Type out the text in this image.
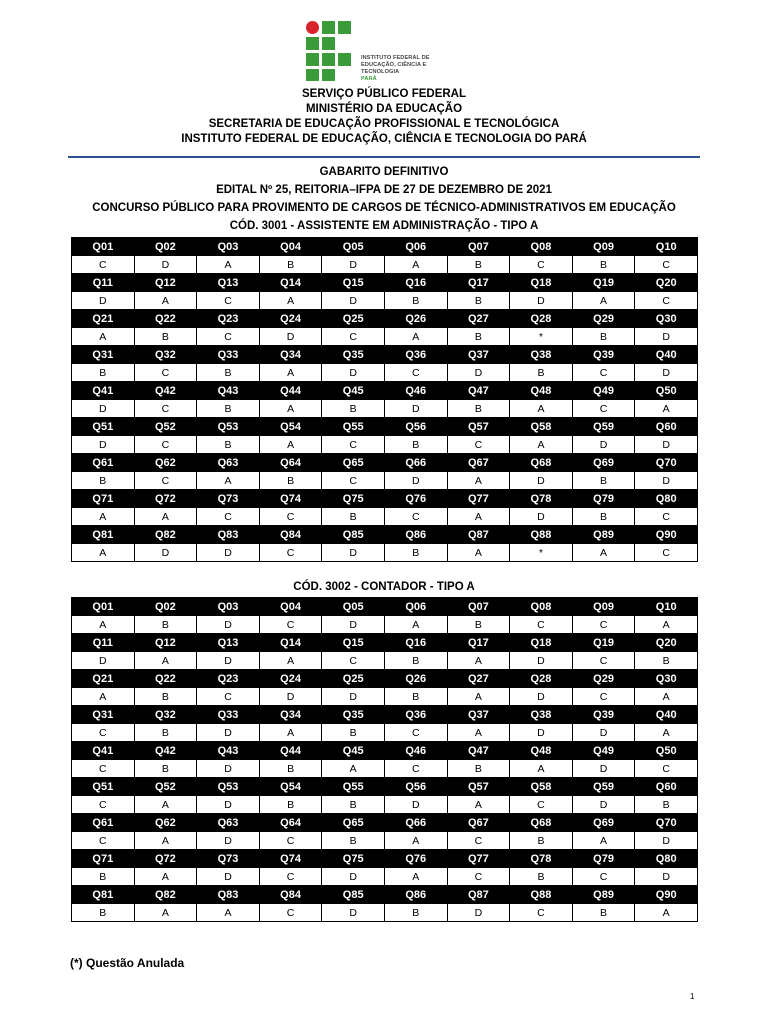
INSTITUTO FEDERAL DE
EDUCAÇÃO, CIÊNCIA E TECNOLOGIA
PARÁ
SERVIÇO PÚBLICO FEDERAL
MINISTÉRIO DA EDUCAÇÃO
SECRETARIA DE EDUCAÇÃO PROFISSIONAL E TECNOLÓGICA
INSTITUTO FEDERAL DE EDUCAÇÃO, CIÊNCIA E TECNOLOGIA DO PARÁ
GABARITO DEFINITIVO
EDITAL Nº 25, REITORIA–IFPA DE 27 DE DEZEMBRO DE 2021
CONCURSO PÚBLICO PARA PROVIMENTO DE CARGOS DE TÉCNICO-ADMINISTRATIVOS EM EDUCAÇÃO
CÓD. 3001 - ASSISTENTE EM ADMINISTRAÇÃO - TIPO A
Q01	Q02	Q03	Q04	Q05	Q06	Q07	Q08	Q09	Q10
C	D	A	B	D	A	B	C	B	C
Q11	Q12	Q13	Q14	Q15	Q16	Q17	Q18	Q19	Q20
D	A	C	A	D	B	B	D	A	C
Q21	Q22	Q23	Q24	Q25	Q26	Q27	Q28	Q29	Q30
A	B	C	D	C	A	B	*	B	D
Q31	Q32	Q33	Q34	Q35	Q36	Q37	Q38	Q39	Q40
B	C	B	A	D	C	D	B	C	D
Q41	Q42	Q43	Q44	Q45	Q46	Q47	Q48	Q49	Q50
D	C	B	A	B	D	B	A	C	A
Q51	Q52	Q53	Q54	Q55	Q56	Q57	Q58	Q59	Q60
D	C	B	A	C	B	C	A	D	D
Q61	Q62	Q63	Q64	Q65	Q66	Q67	Q68	Q69	Q70
B	C	A	B	C	D	A	D	B	D
Q71	Q72	Q73	Q74	Q75	Q76	Q77	Q78	Q79	Q80
A	A	C	C	B	C	A	D	B	C
Q81	Q82	Q83	Q84	Q85	Q86	Q87	Q88	Q89	Q90
A	D	D	C	D	B	A	*	A	C
CÓD. 3002 - CONTADOR - TIPO A
Q01	Q02	Q03	Q04	Q05	Q06	Q07	Q08	Q09	Q10
A	B	D	C	D	A	B	C	C	A
Q11	Q12	Q13	Q14	Q15	Q16	Q17	Q18	Q19	Q20
D	A	D	A	C	B	A	D	C	B
Q21	Q22	Q23	Q24	Q25	Q26	Q27	Q28	Q29	Q30
A	B	C	D	D	B	A	D	C	A
Q31	Q32	Q33	Q34	Q35	Q36	Q37	Q38	Q39	Q40
C	B	D	A	B	C	A	D	D	A
Q41	Q42	Q43	Q44	Q45	Q46	Q47	Q48	Q49	Q50
C	B	D	B	A	C	B	A	D	C
Q51	Q52	Q53	Q54	Q55	Q56	Q57	Q58	Q59	Q60
C	A	D	B	B	D	A	C	D	B
Q61	Q62	Q63	Q64	Q65	Q66	Q67	Q68	Q69	Q70
C	A	D	C	B	A	C	B	A	D
Q71	Q72	Q73	Q74	Q75	Q76	Q77	Q78	Q79	Q80
B	A	D	C	D	A	C	B	C	D
Q81	Q82	Q83	Q84	Q85	Q86	Q87	Q88	Q89	Q90
B	A	A	C	D	B	D	C	B	A
(*) Questão Anulada
1
